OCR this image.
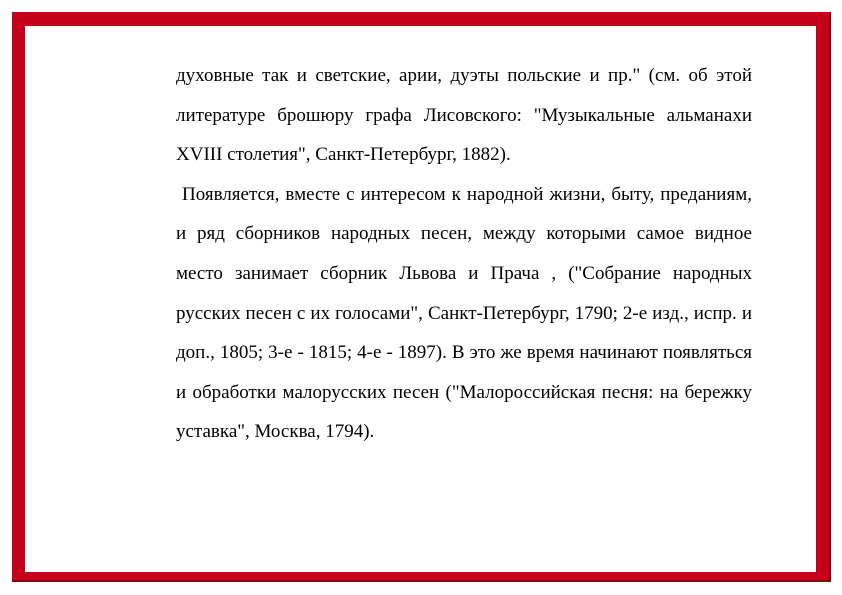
духовные так и светские, арии, дуэты польские и пр." (см. об этой литературе брошюру графа Лисовского: "Музыкальные альманахи XVIII столетия", Санкт-Петербург, 1882).

Появляется, вместе с интересом к народной жизни, быту, преданиям, и ряд сборников народных песен, между которыми самое видное место занимает сборник Львова и Прача , ("Собрание народных русских песен с их голосами", Санкт-Петербург, 1790; 2-е изд., испр. и доп., 1805; 3-е - 1815; 4-е - 1897). В это же время начинают появляться и обработки малорусских песен ("Малороссийская песня: на бережку уставка", Москва, 1794).
